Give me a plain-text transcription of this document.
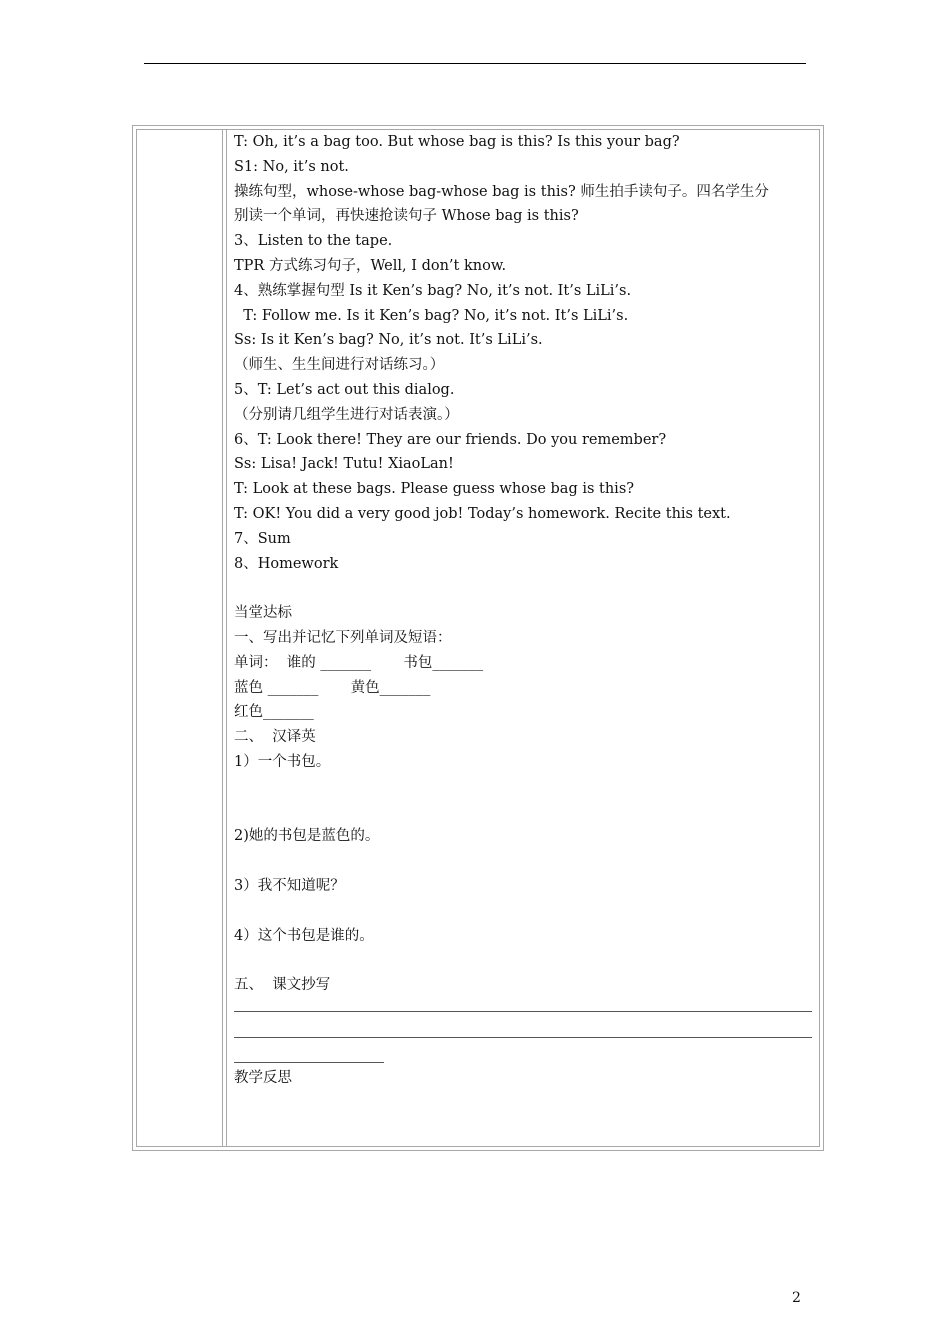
T: Oh, it’s a bag too. But whose bag is this? Is this your bag?
S1: No, it’s not.
操练句型，whose-whose bag-whose bag is this? 师生拍手读句子。四名学生分
别读一个单词，再快速抢读句子 Whose bag is this?
3、Listen to the tape.
TPR 方式练习句子，Well, I don’t know.
4、熟练掌握句型 Is it Ken’s bag? No, it’s not. It’s LiLi’s.
T: Follow me. Is it Ken’s bag? No, it’s not. It’s LiLi’s.
Ss: Is it Ken’s bag? No, it’s not. It’s LiLi’s.
（师生、生生间进行对话练习。）
5、T: Let’s act out this dialog.
（分别请几组学生进行对话表演。）
6、T: Look there! They are our friends. Do you remember?
Ss: Lisa! Jack! Tutu! XiaoLan!
T: Look at these bags. Please guess whose bag is this?
T: OK! You did a very good job! Today’s homework. Recite this text.
7、Sum
8、Homework
当堂达标
一、写出并记忆下列单词及短语：
单词：  谁的 _______       书包_______
蓝色 _______       黄色_______
红色_______
二、  汉译英
1）一个书包。
2)她的书包是蓝色的。
3）我不知道呢？
4）这个书包是谁的。
五、  课文抄写
教学反思
2
